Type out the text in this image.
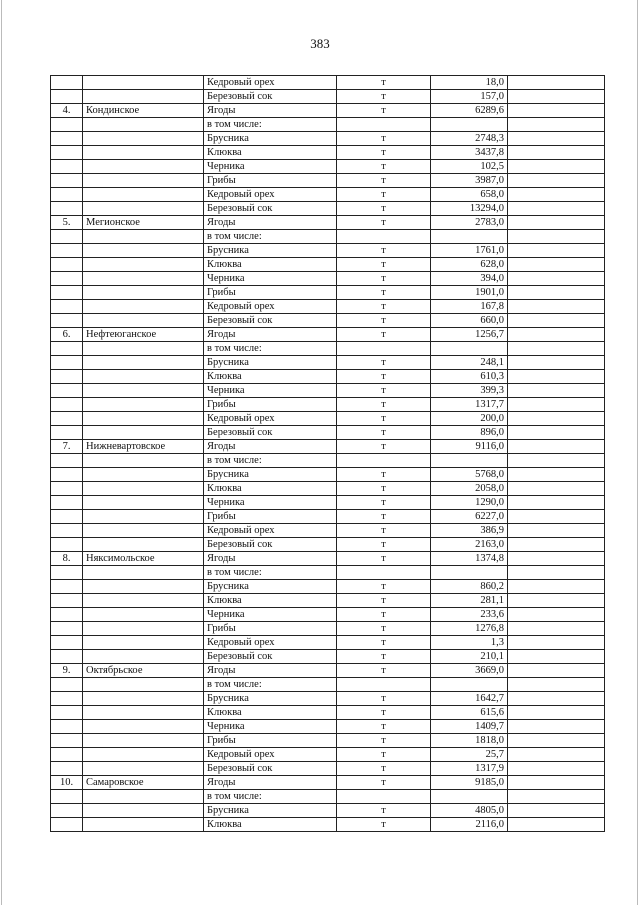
383
		Кедровый орех	т	18,0	
		Березовый сок	т	157,0	
4.	Кондинское	Ягоды	т	6289,6	
		в том числе:			
		Брусника	т	2748,3	
		Клюква	т	3437,8	
		Черника	т	102,5	
		Грибы	т	3987,0	
		Кедровый орех	т	658,0	
		Березовый сок	т	13294,0	
5.	Мегионское	Ягоды	т	2783,0	
		в том числе:			
		Брусника	т	1761,0	
		Клюква	т	628,0	
		Черника	т	394,0	
		Грибы	т	1901,0	
		Кедровый орех	т	167,8	
		Березовый сок	т	660,0	
6.	Нефтеюганское	Ягоды	т	1256,7	
		в том числе:			
		Брусника	т	248,1	
		Клюква	т	610,3	
		Черника	т	399,3	
		Грибы	т	1317,7	
		Кедровый орех	т	200,0	
		Березовый сок	т	896,0	
7.	Нижневартовское	Ягоды	т	9116,0	
		в том числе:			
		Брусника	т	5768,0	
		Клюква	т	2058,0	
		Черника	т	1290,0	
		Грибы	т	6227,0	
		Кедровый орех	т	386,9	
		Березовый сок	т	2163,0	
8.	Няксимольское	Ягоды	т	1374,8	
		в том числе:			
		Брусника	т	860,2	
		Клюква	т	281,1	
		Черника	т	233,6	
		Грибы	т	1276,8	
		Кедровый орех	т	1,3	
		Березовый сок	т	210,1	
9.	Октябрьское	Ягоды	т	3669,0	
		в том числе:			
		Брусника	т	1642,7	
		Клюква	т	615,6	
		Черника	т	1409,7	
		Грибы	т	1818,0	
		Кедровый орех	т	25,7	
		Березовый сок	т	1317,9	
10.	Самаровское	Ягоды	т	9185,0	
		в том числе:			
		Брусника	т	4805,0	
		Клюква	т	2116,0	
